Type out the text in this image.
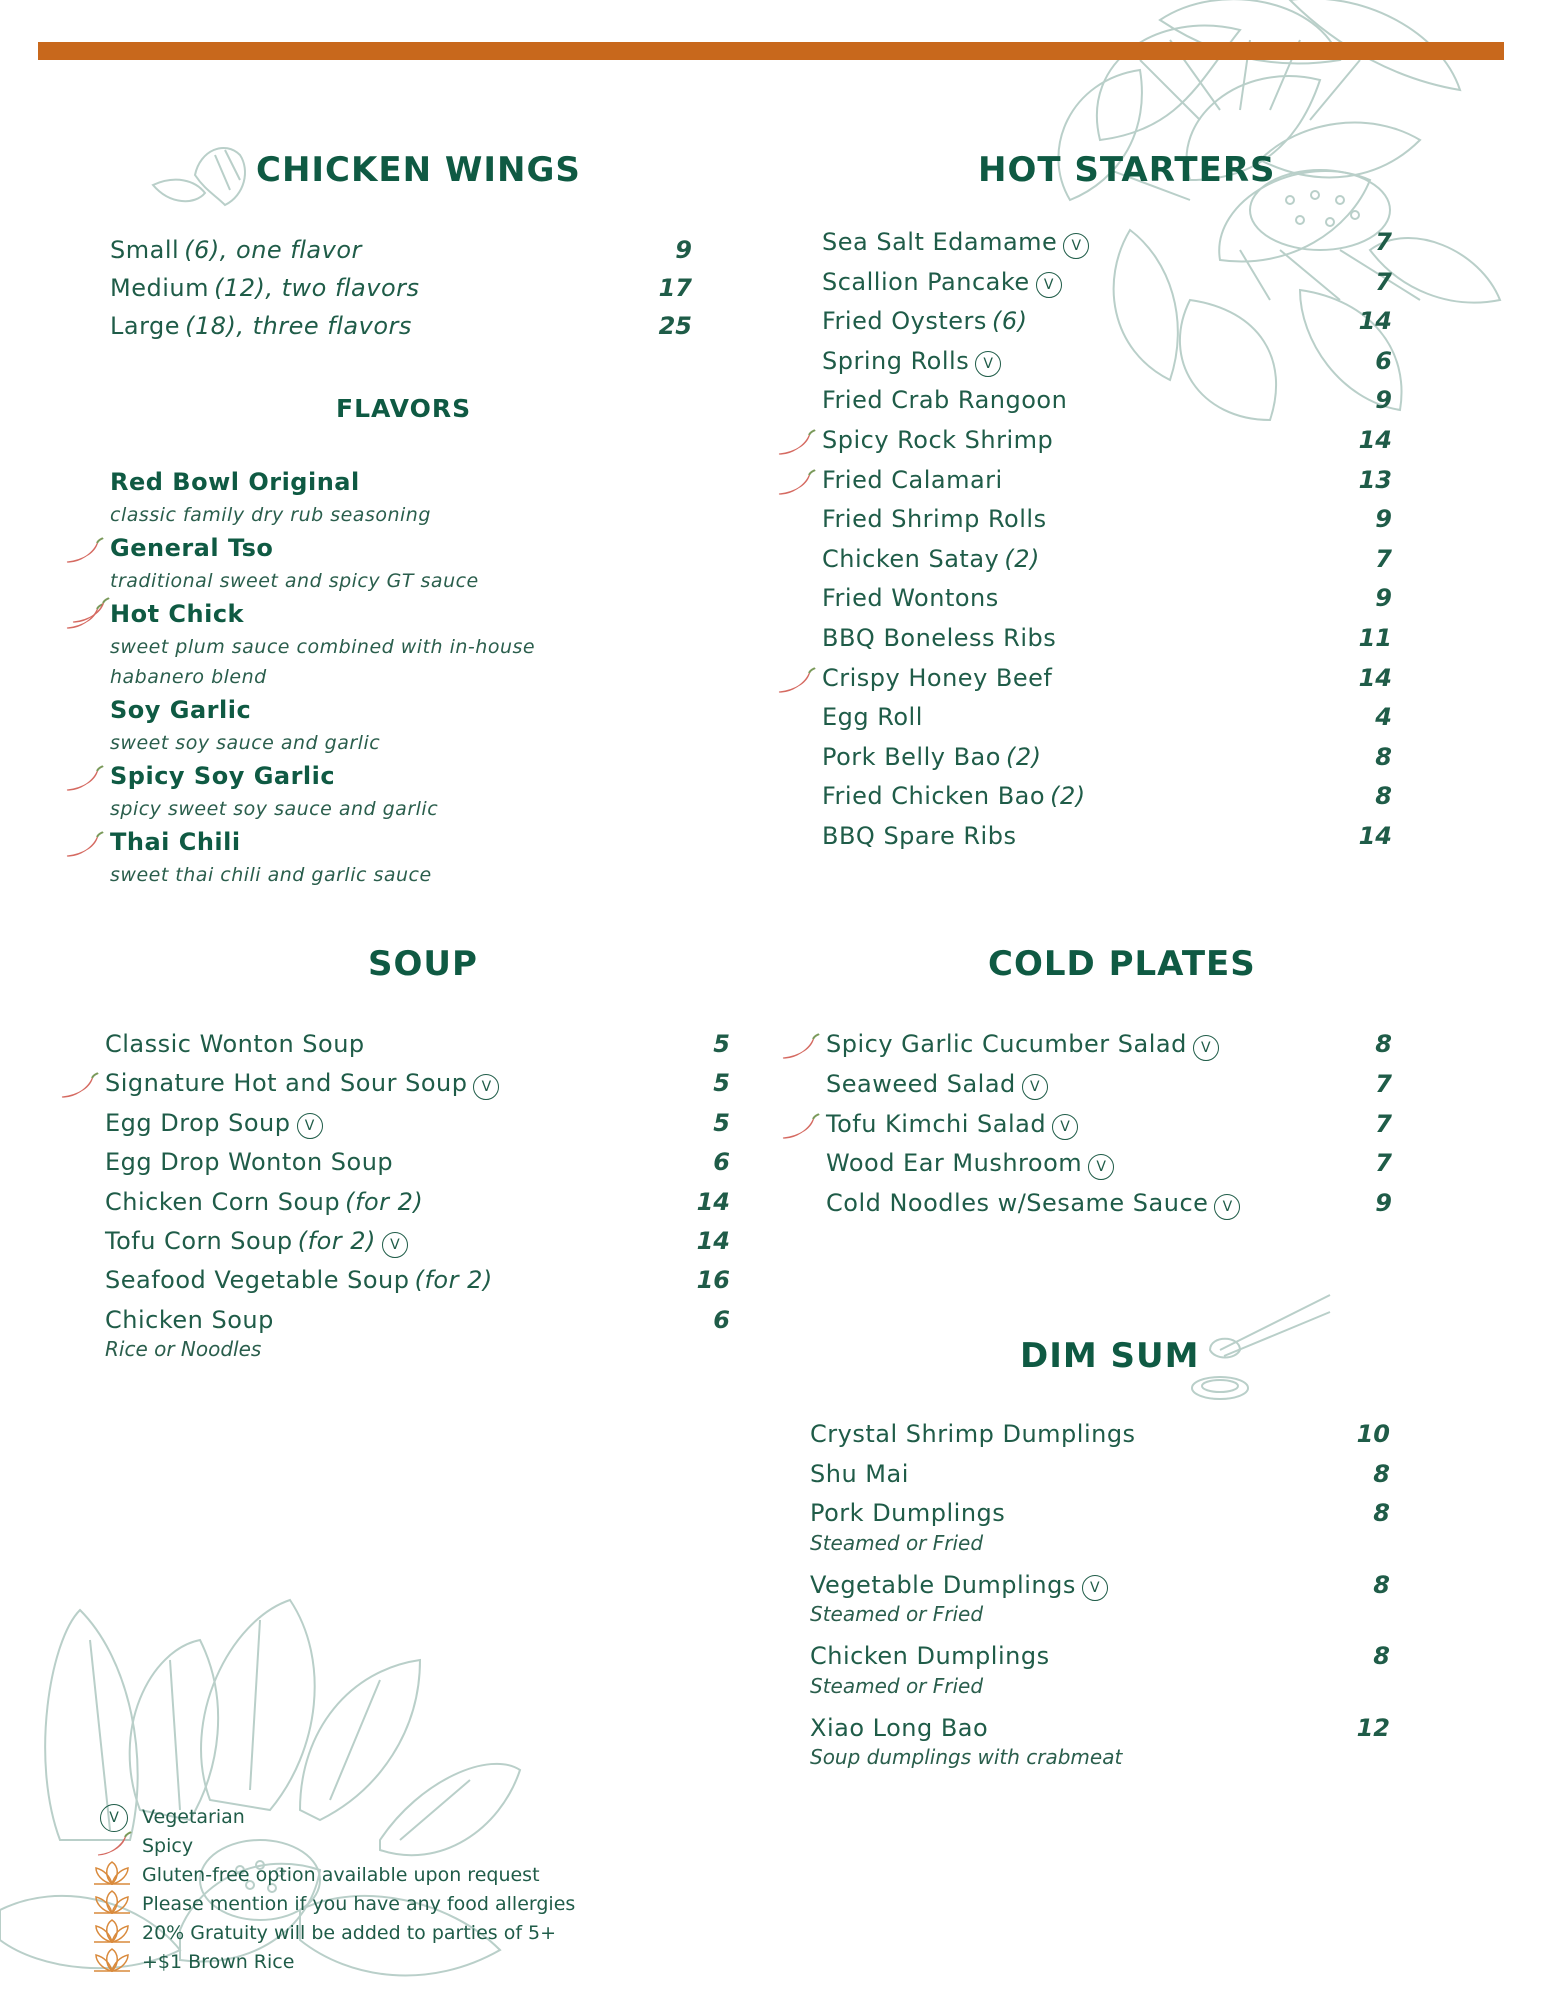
CHICKEN WINGS
Small (6), one flavor	9
Medium (12), two flavors	17
Large (18), three flavors	25
FLAVORS
Red Bowl Original
classic family dry rub seasoning
General Tso
traditional sweet and spicy GT sauce
Hot Chick
sweet plum sauce combined with in-house
habanero blend
Soy Garlic
sweet soy sauce and garlic
Spicy Soy Garlic
spicy sweet soy sauce and garlic
Thai Chili
sweet thai chili and garlic sauce
HOT STARTERS
Sea Salt Edamame V	7
Scallion Pancake V	7
Fried Oysters (6)	14
Spring Rolls V	6
Fried Crab Rangoon	9
Spicy Rock Shrimp	14
Fried Calamari	13
Fried Shrimp Rolls	9
Chicken Satay (2)	7
Fried Wontons	9
BBQ Boneless Ribs	11
Crispy Honey Beef	14
Egg Roll	4
Pork Belly Bao (2)	8
Fried Chicken Bao (2)	8
BBQ Spare Ribs	14
SOUP
Classic Wonton Soup	5
Signature Hot and Sour Soup V	5
Egg Drop Soup V	5
Egg Drop Wonton Soup	6
Chicken Corn Soup (for 2)	14
Tofu Corn Soup (for 2) V	14
Seafood Vegetable Soup (for 2)	16
Chicken Soup	6
Rice or Noodles
COLD PLATES
Spicy Garlic Cucumber Salad V	8
Seaweed Salad V	7
Tofu Kimchi Salad V	7
Wood Ear Mushroom V	7
Cold Noodles w/Sesame Sauce V	9
DIM SUM
Crystal Shrimp Dumplings	10
Shu Mai	8
Pork Dumplings	8
Steamed or Fried
Vegetable Dumplings V	8
Steamed or Fried
Chicken Dumplings	8
Steamed or Fried
Xiao Long Bao	12
Soup dumplings with crabmeat
V Vegetarian
Spicy
Gluten-free option available upon request
Please mention if you have any food allergies
20% Gratuity will be added to parties of 5+
+$1 Brown Rice
